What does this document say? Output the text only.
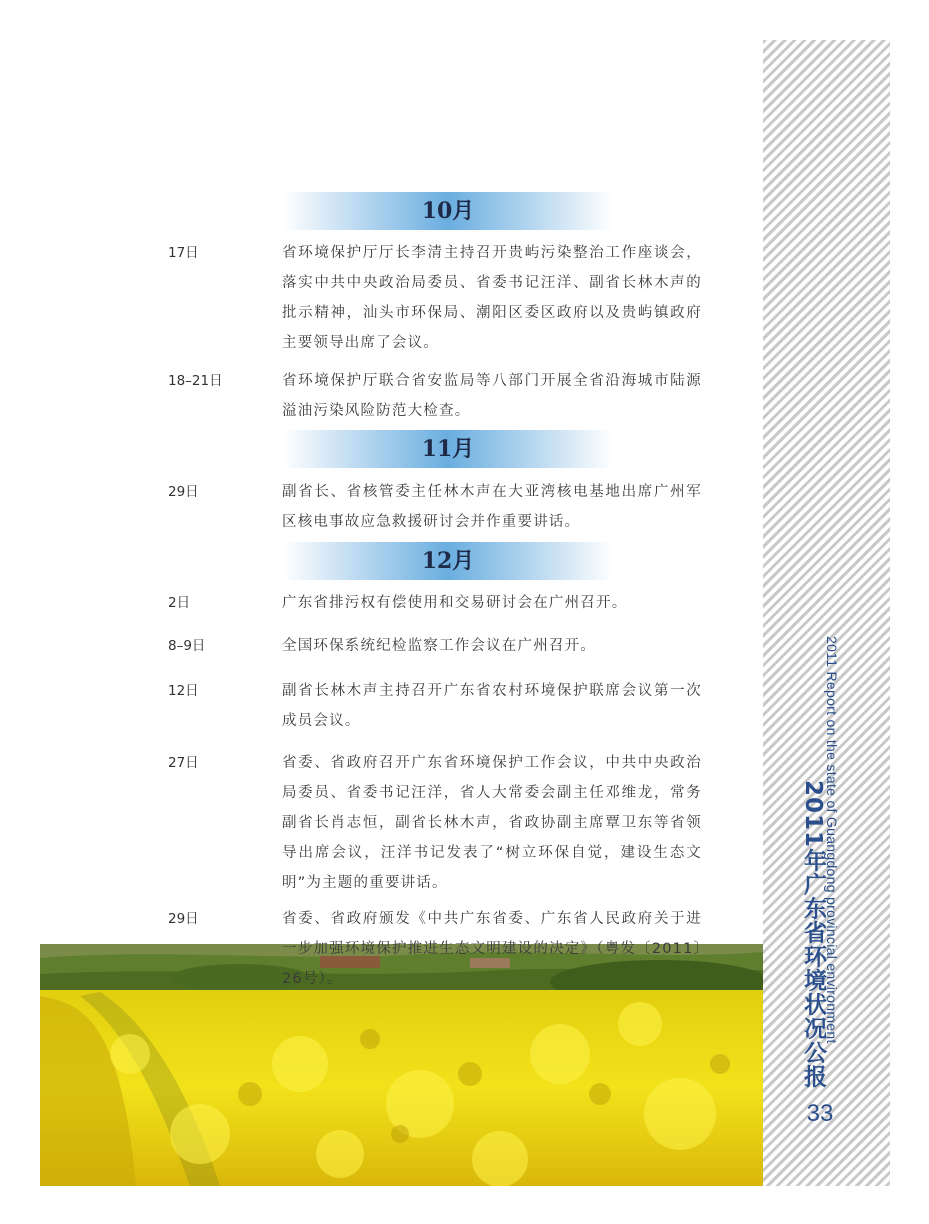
2011 Report on the state of Guangdong provincial environment
2011年广东省环境状况公报
33
10月
17日	省环境保护厅厅长李清主持召开贵屿污染整治工作座谈会，落实中共中央政治局委员、省委书记汪洋、副省长林木声的批示精神，汕头市环保局、潮阳区委区政府以及贵屿镇政府主要领导出席了会议。
18–21日	省环境保护厅联合省安监局等八部门开展全省沿海城市陆源溢油污染风险防范大检查。
11月
29日	副省长、省核管委主任林木声在大亚湾核电基地出席广州军区核电事故应急救援研讨会并作重要讲话。
12月
2日	广东省排污权有偿使用和交易研讨会在广州召开。
8–9日	全国环保系统纪检监察工作会议在广州召开。
12日	副省长林木声主持召开广东省农村环境保护联席会议第一次成员会议。
27日	省委、省政府召开广东省环境保护工作会议，中共中央政治局委员、省委书记汪洋，省人大常委会副主任邓维龙，常务副省长肖志恒，副省长林木声，省政协副主席覃卫东等省领导出席会议，汪洋书记发表了“树立环保自觉，建设生态文明”为主题的重要讲话。
29日	省委、省政府颁发《中共广东省委、广东省人民政府关于进一步加强环境保护推进生态文明建设的决定》（粤发〔2011〕26号）。
